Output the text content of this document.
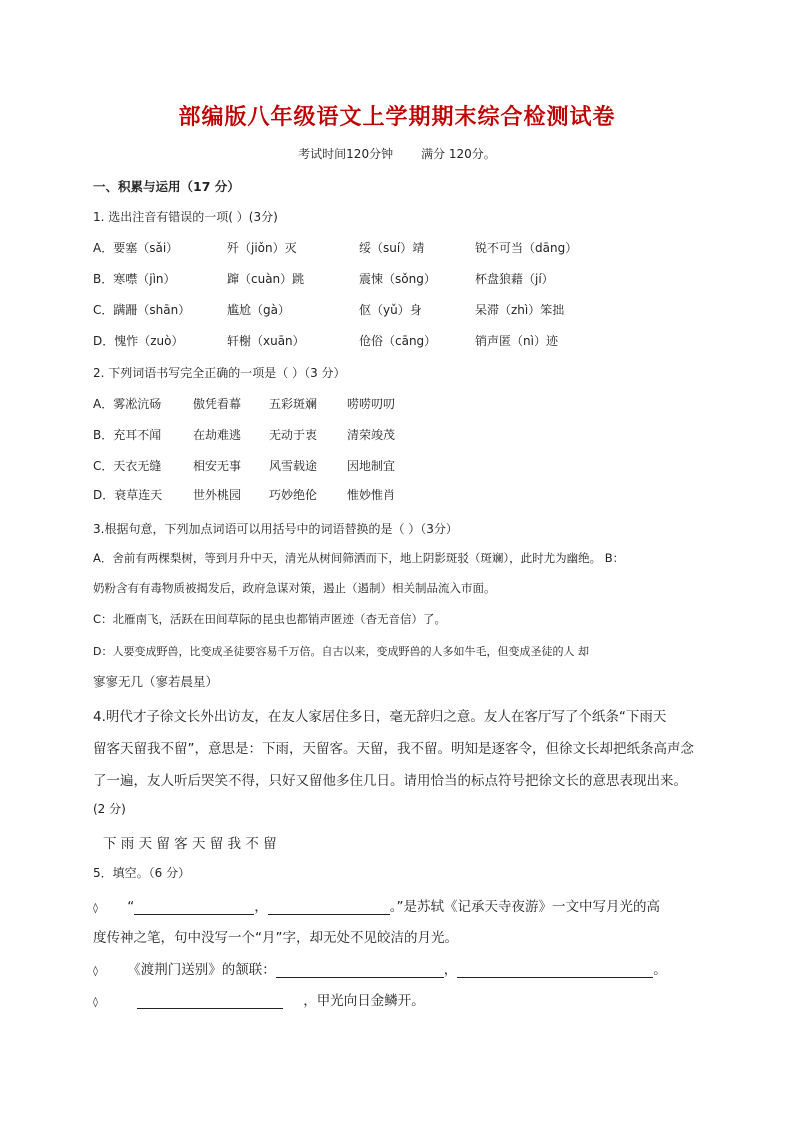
部编版八年级语文上学期期末综合检测试卷
考试时间120分钟 满分 120分。
一、积累与运用（17 分）
1. 选出注音有错误的一项( ）(3分)
A．要塞（sǎi）	歼（jiǒn）灭	绥（suí）靖	锐不可当（dāng）
B．寒噤（jìn）	蹿（cuàn）跳	震悚（sǒng）	杯盘狼藉（jí）
C．蹒跚（shān）	尴尬（gà）	伛（yǔ）身	呆滞（zhì）笨拙
D．愧怍（zuò）	轩榭（xuān）	伧俗（cāng）	销声匿（nì）迹
2. 下列词语书写完全正确的一项是（ ）（3 分）
A．雾凇沆砀	傲凭看幕 五彩斑斓 唠唠叨叨
B．充耳不闻	在劫难逃 无动于衷 清荣竣茂
C．天衣无缝	相安无事 风雪载途 因地制宜
D．衰草连天	世外桃园 巧妙绝伦 惟妙惟肖
3.根据句意，下列加点词语可以用括号中的词语替换的是（ ）（3分）
A．舍前有两棵梨树，等到月升中天，清光从树间筛洒而下，地上阴影斑驳（斑斓），此时尤为幽绝。 B：
奶粉含有有毒物质被揭发后，政府急谋对策，遏止（遏制）相关制品流入市面。
C：北雁南飞，活跃在田间草际的昆虫也都销声匿迹（杳无音信）了。
D：人要变成野兽，比变成圣徒要容易千万倍。自古以来，变成野兽的人多如牛毛，但变成圣徒的人 却
寥寥无几（寥若晨星）
4.明代才子徐文长外出访友，在友人家居住多日，毫无辞归之意。友人在客厅写了个纸条“下雨天
留客天留我不留”，意思是：下雨，天留客。天留，我不留。明知是逐客令，但徐文长却把纸条高声念
了一遍，友人听后哭笑不得，只好又留他多住几日。请用恰当的标点符号把徐文长的意思表现出来。
(2 分)
下 雨 天 留 客 天 留 我 不 留
5．填空。（6 分）
◊ “	，	。”是苏轼《记承天寺夜游》一文中写月光的高
度传神之笔，句中没写一个“月”字，却无处不见皎洁的月光。
◊ 《渡荆门送别》的颔联：	，	。
◊	，甲光向日金鳞开。
